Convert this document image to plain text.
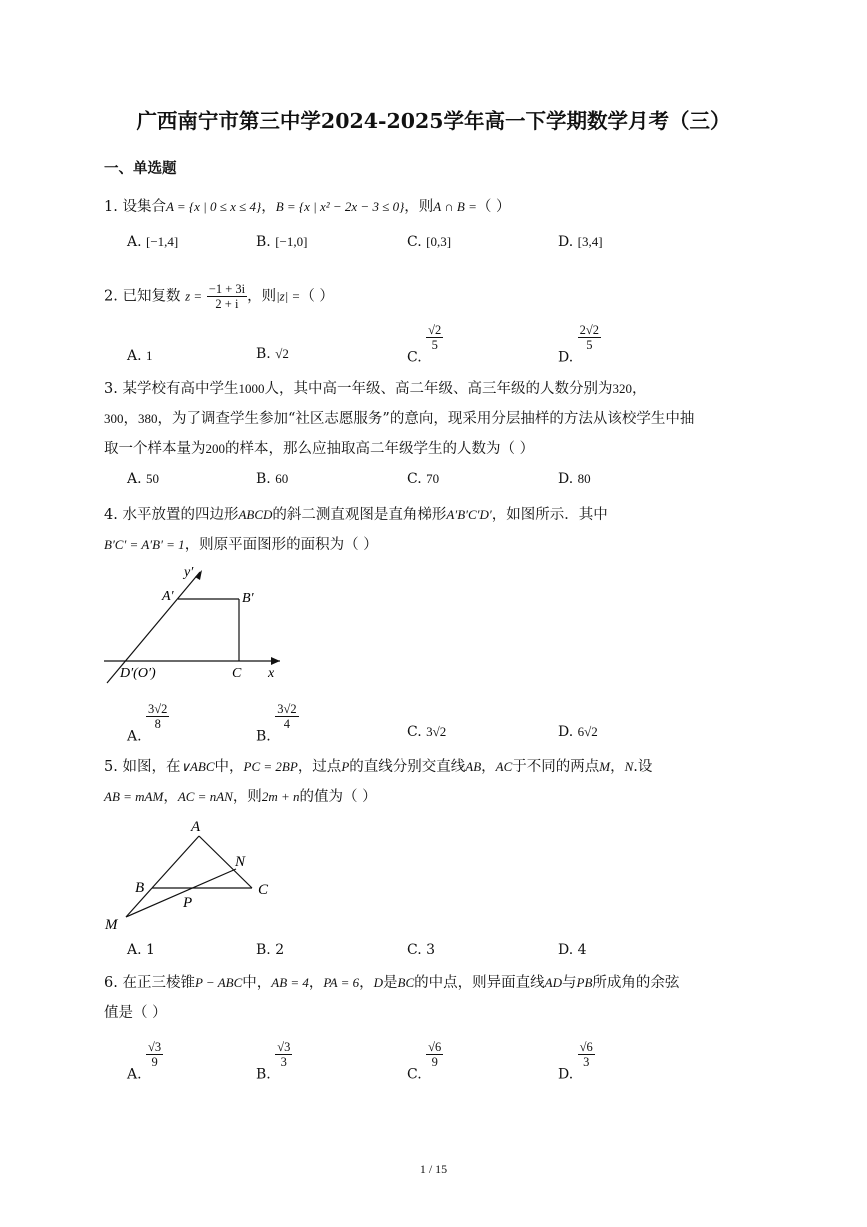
广西南宁市第三中学2024-2025学年高一下学期数学月考（三）
一、单选题
1. 设集合A = {x | 0 ≤ x ≤ 4}，B = {x | x² − 2x − 3 ≤ 0}，则A ∩ B =（ ）
A. [−1,4]	B. [−1,0]	C. [0,3]	D. [3,4]
2. 已知复数 $z = \frac{-1 + 3i}{2 + i}$ ，则|z| =（ ）
A. 1	B. √2	C.
$\frac{√2}{5}$
D.
$\frac{2√2}{5}$
3. 某学校有高中学生1000人，其中高一年级、高二年级、高三年级的人数分别为320，
300，380，为了调查学生参加“社区志愿服务”的意向，现采用分层抽样的方法从该校学生中抽
取一个样本量为200的样本，那么应抽取高二年级学生的人数为（ ）
A. 50	B. 60	C. 70	D. 80
4. 水平放置的四边形ABCD的斜二测直观图是直角梯形A′B′C′D′，如图所示．其中
B′C′ = A′B′ = 1，则原平面图形的面积为（ ）
y′
A′	B′
C
D′(O′)	x
A.
$\frac{3√2}{8}$
B.
$\frac{3√2}{4}$
C. 3√2	D. 6√2
5. 如图，在∨ABC中，PC = 2BP，过点P的直线分别交直线AB，AC于不同的两点M，N.设
AB = mAM，AC = nAN，则2m + n的值为（ ）
A
N
B	C
P
M
A. 1	B. 2	C. 3	D. 4
6. 在正三棱锥P − ABC中，AB = 4，PA = 6，D是BC的中点，则异面直线AD与PB所成角的余弦
值是（ ）
A.
$\frac{√3}{9}$
B.
$\frac{√3}{3}$
C.
$\frac{√6}{9}$
D.
$\frac{√6}{3}$
1 / 15
